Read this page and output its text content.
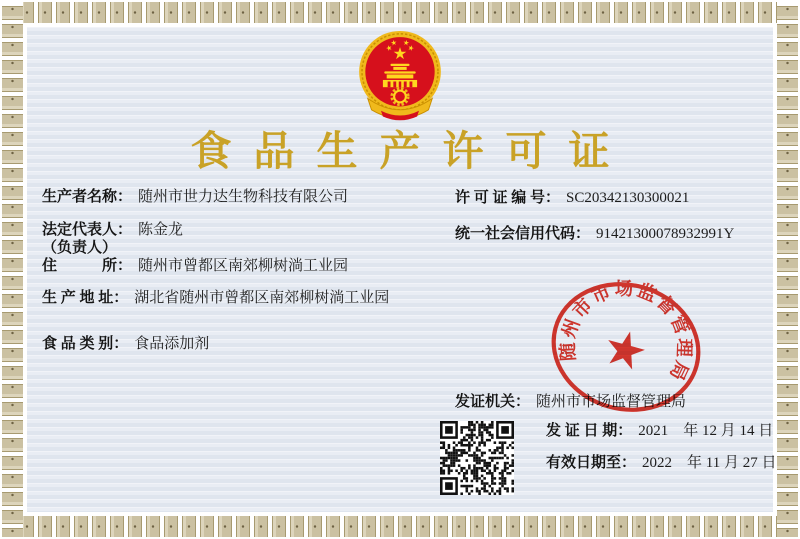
食品生产许可证
生产者名称： 随州市世力达生物科技有限公司
法定代表人： 陈金龙
（负责人）
住　　　所： 随州市曾都区南郊柳树淌工业园
生 产 地 址： 湖北省随州市曾都区南郊柳树淌工业园
食 品 类 别： 食品添加剂
许 可 证 编 号： SC20342130300021
统一社会信用代码： 91421300078932991Y
发证机关： 随州市市场监督管理局
发 证 日 期： 2021　年 12 月 14 日
有效日期至： 2022　年 11 月 27 日
随州市市场监督管理局
